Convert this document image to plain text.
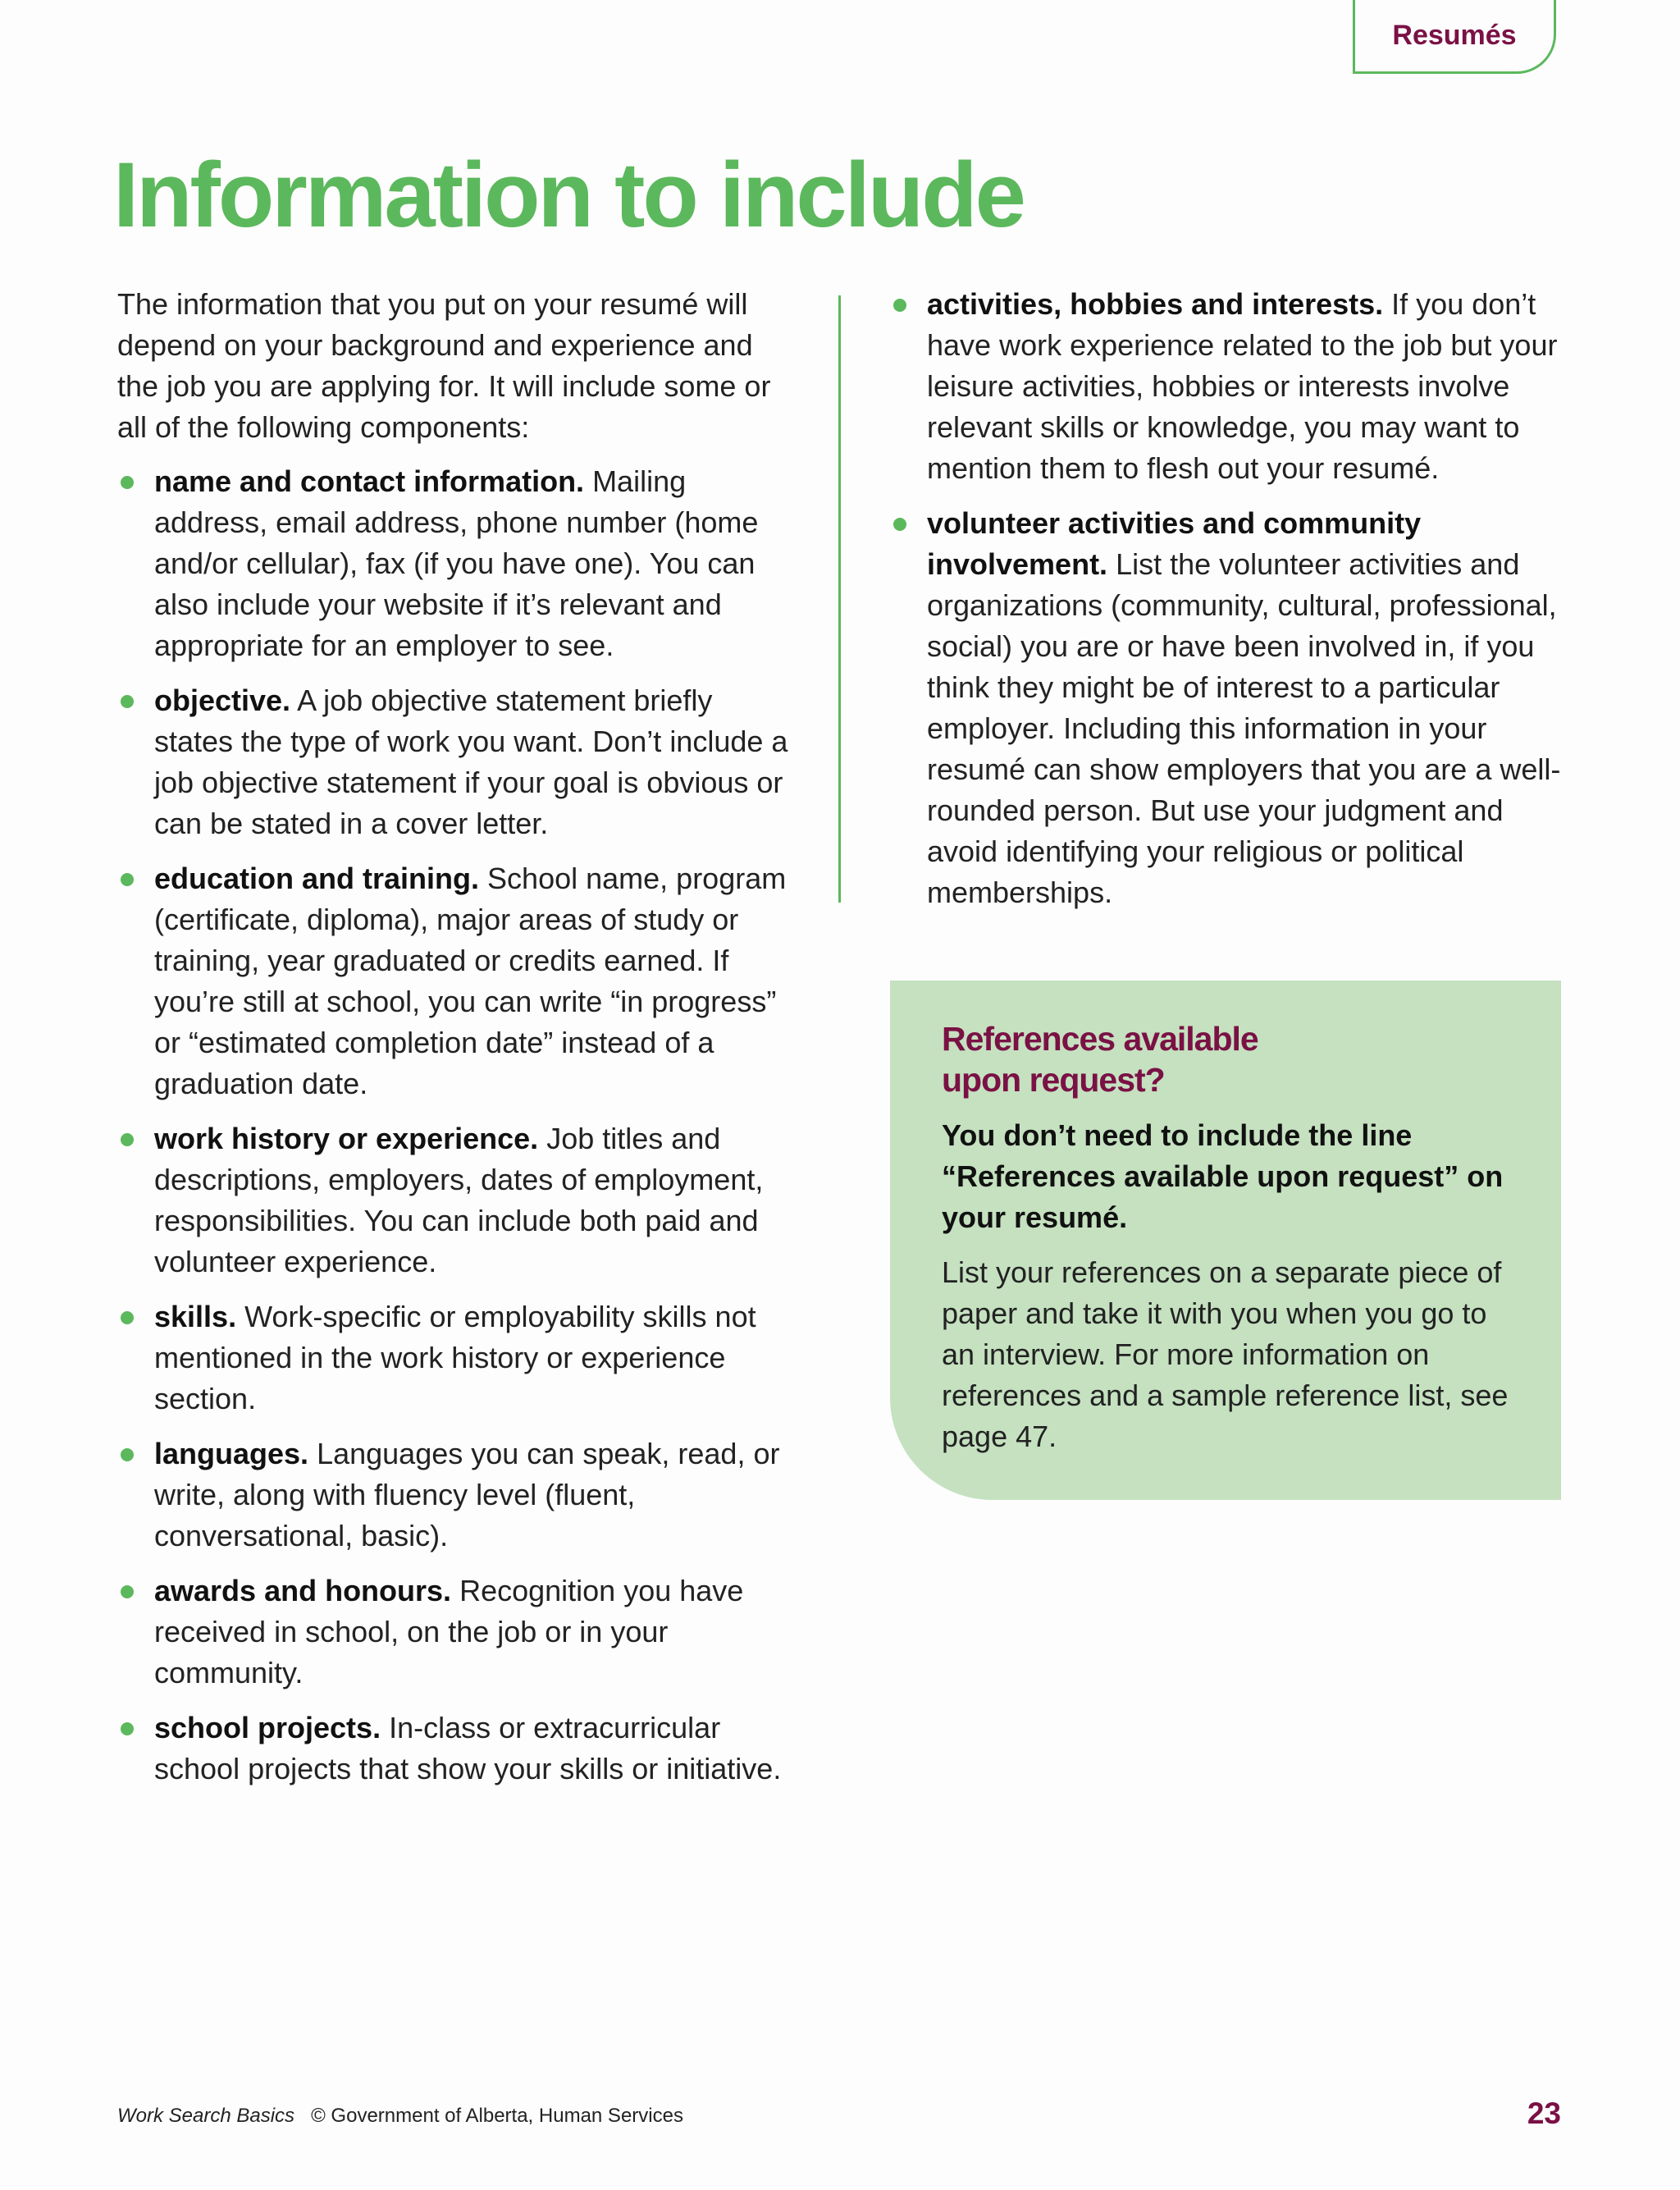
Resumés
Information to include

The information that you put on your resumé will depend on your background and experience and the job you are applying for. It will include some or all of the following components:

name and contact information. Mailing address, email address, phone number (home and/or cellular), fax (if you have one). You can also include your website if it’s relevant and appropriate for an employer to see.
objective. A job objective statement briefly states the type of work you want. Don’t include a job objective statement if your goal is obvious or can be stated in a cover letter.
education and training. School name, program (certificate, diploma), major areas of study or training, year graduated or credits earned. If you’re still at school, you can write “in progress” or “estimated completion date” instead of a graduation date.
work history or experience. Job titles and descriptions, employers, dates of employment, responsibilities. You can include both paid and volunteer experience.
skills. Work-specific or employability skills not mentioned in the work history or experience section.
languages. Languages you can speak, read, or write, along with fluency level (fluent, conversational, basic).
awards and honours. Recognition you have received in school, on the job or in your community.
school projects. In-class or extracurricular school projects that show your skills or initiative.
activities, hobbies and interests. If you don’t have work experience related to the job but your leisure activities, hobbies or interests involve relevant skills or knowledge, you may want to mention them to flesh out your resumé.
volunteer activities and community involvement. List the volunteer activities and organizations (community, cultural, professional, social) you are or have been involved in, if you think they might be of interest to a particular employer. Including this information in your resumé can show employers that you are a well-rounded person. But use your judgment and avoid identifying your religious or political memberships.
References available
upon request?

You don’t need to include the line “References available upon request” on your resumé.

List your references on a separate piece of paper and take it with you when you go to an interview. For more information on references and a sample reference list, see page 47.

Work Search Basics © Government of Alberta, Human Services	23
